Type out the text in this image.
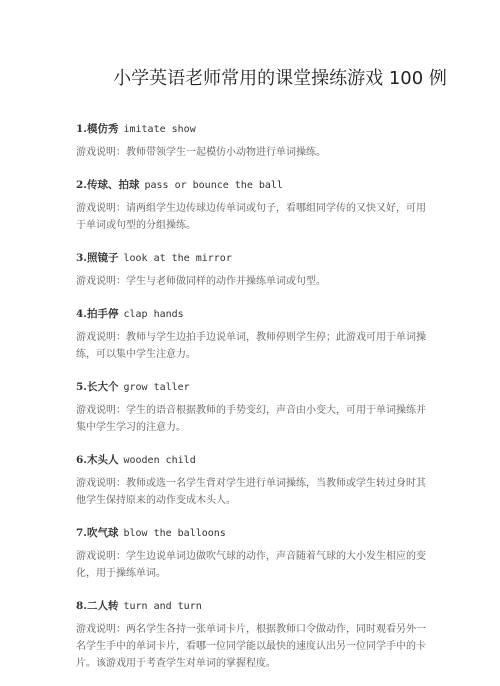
小学英语老师常用的课堂操练游戏 100 例
1.模仿秀 imitate show
游戏说明：教师带领学生一起模仿小动物进行单词操练。
2.传球、拍球 pass or bounce the ball
游戏说明：请两组学生边传球边传单词或句子，看哪组同学传的又快又好，可用于单词或句型的分组操练。
3.照镜子 look at the mirror
游戏说明：学生与老师做同样的动作并操练单词或句型。
4.拍手停 clap hands
游戏说明：教师与学生边拍手边说单词，教师停则学生停；此游戏可用于单词操练，可以集中学生注意力。
5.长大个 grow taller
游戏说明：学生的语音根据教师的手势变幻，声音由小变大，可用于单词操练并集中学生学习的注意力。
6.木头人 wooden child
游戏说明：教师或选一名学生背对学生进行单词操练，当教师或学生转过身时其他学生保持原来的动作变成木头人。
7.吹气球 blow the balloons
游戏说明：学生边说单词边做吹气球的动作，声音随着气球的大小发生相应的变化，用于操练单词。
8.二人转 turn and turn
游戏说明：两名学生各持一张单词卡片，根据教师口令做动作，同时观看另外一名学生手中的单词卡片，看哪一位同学能以最快的速度认出另一位同学手中的卡片。该游戏用于考查学生对单词的掌握程度。
